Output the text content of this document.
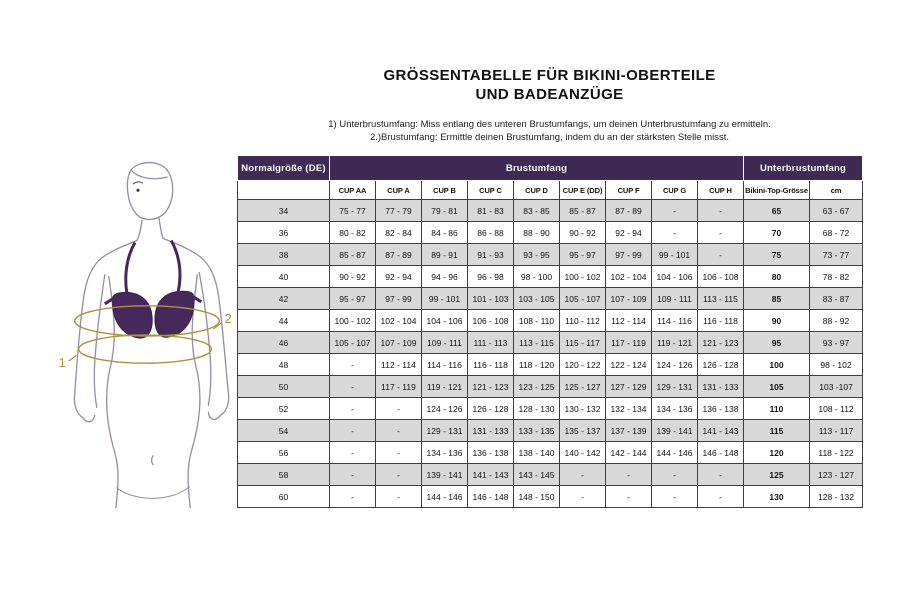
GRÖSSENTABELLE FÜR BIKINI-OBERTEILE
UND BADEANZÜGE
1) Unterbrustumfang: Miss entlang des unteren Brustumfangs, um deinen Unterbrustumfang zu ermitteln.
2.)Brustumfang: Ermittle deinen Brustumfang, indem du an der stärksten Stelle misst.
2
1
Normalgröße (DE)	Brustumfang									Unterbrustumfang	
	CUP AA	CUP A	CUP B	CUP C	CUP D	CUP E (DD)	CUP F	CUP G	CUP H	Bikini-Top-Grösse	cm
34	75 - 77	77 - 79	79 - 81	81 - 83	83 - 85	85 - 87	87 - 89	-	-	65	63 - 67
36	80 - 82	82 - 84	84 - 86	86 - 88	88 - 90	90 - 92	92 - 94	-	-	70	68 - 72
38	85 - 87	87 - 89	89 - 91	91 - 93	93 - 95	95 - 97	97 - 99	99 - 101	-	75	73 - 77
40	90 - 92	92 - 94	94 - 96	96 - 98	98 - 100	100 - 102	102 - 104	104 - 106	106 - 108	80	78 - 82
42	95 - 97	97 - 99	99 - 101	101 - 103	103 - 105	105 - 107	107 - 109	109 - 111	113 - 115	85	83 - 87
44	100 - 102	102 - 104	104 - 106	106 - 108	108 - 110	110 - 112	112 - 114	114 - 116	116 - 118	90	88 - 92
46	105 - 107	107 - 109	109 - 111	111 - 113	113 - 115	115 - 117	117 - 119	119 - 121	121 - 123	95	93 - 97
48	-	112 - 114	114 - 116	116 - 118	118 - 120	120 - 122	122 - 124	124 - 126	126 - 128	100	98 - 102
50	-	117 - 119	119 - 121	121 - 123	123 - 125	125 - 127	127 - 129	129 - 131	131 - 133	105	103 -107
52	-	-	124 - 126	126 - 128	128 - 130	130 - 132	132 - 134	134 - 136	136 - 138	110	108 - 112
54	-	-	129 - 131	131 - 133	133 - 135	135 - 137	137 - 139	139 - 141	141 - 143	115	113 - 117
56	-	-	134 - 136	136 - 138	138 - 140	140 - 142	142 - 144	144 - 146	146 - 148	120	118 - 122
58	-	-	139 - 141	141 - 143	143 - 145	-	-	-	-	125	123 - 127
60	-	-	144 - 146	146 - 148	148 - 150	-	-	-	-	130	128 - 132
